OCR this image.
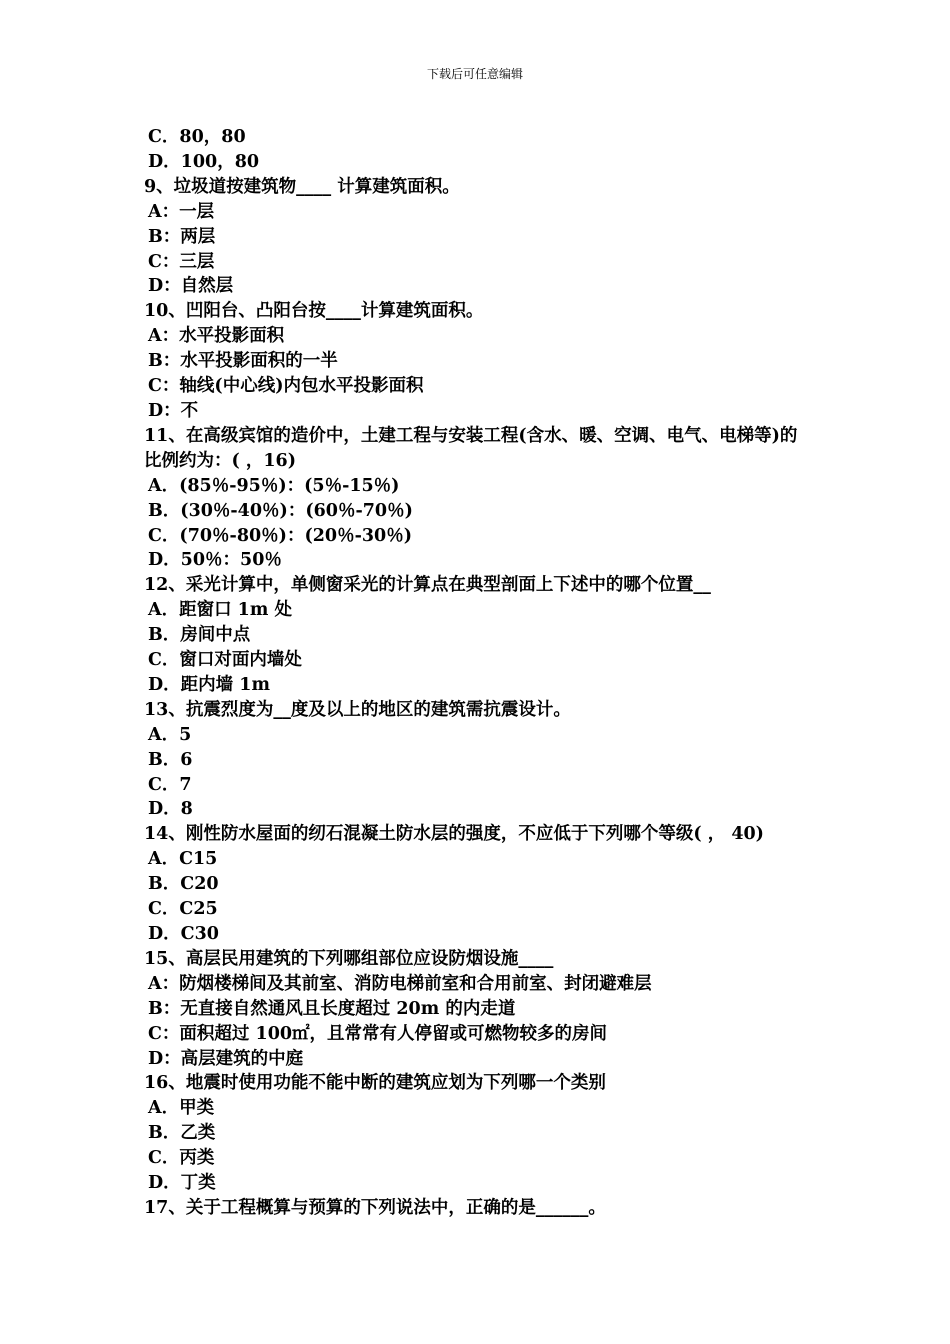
下载后可任意编辑
C．80，80
D．100，80
9、垃圾道按建筑物____ 计算建筑面积。
A：一层
B：两层
C：三层
D：自然层
10、凹阳台、凸阳台按____计算建筑面积。
A：水平投影面积
B：水平投影面积的一半
C：轴线(中心线)内包水平投影面积
D：不
11、在高级宾馆的造价中，土建工程与安装工程(含水、暖、空调、电气、电梯等)的比例约为：( ，16)
A．(85％-95％)：(5％-15％)
B．(30％-40％)：(60％-70％)
C．(70％-80％)：(20％-30％)
D．50％：50％
12、采光计算中，单侧窗采光的计算点在典型剖面上下述中的哪个位置__
A．距窗口 1m 处
B．房间中点
C．窗口对面内墙处
D．距内墙 1m
13、抗震烈度为__度及以上的地区的建筑需抗震设计。
A．5
B．6
C．7
D．8
14、刚性防水屋面的纫石混凝土防水层的强度，不应低于下列哪个等级( ， 40)
A．C15
B．C20
C．C25
D．C30
15、高层民用建筑的下列哪组部位应设防烟设施____
A：防烟楼梯间及其前室、消防电梯前室和合用前室、封闭避难层
B：无直接自然通风且长度超过 20m 的内走道
C：面积超过 100㎡，且常常有人停留或可燃物较多的房间
D：高层建筑的中庭
16、地震时使用功能不能中断的建筑应划为下列哪一个类别
A．甲类
B．乙类
C．丙类
D．丁类
17、关于工程概算与预算的下列说法中，正确的是______。
